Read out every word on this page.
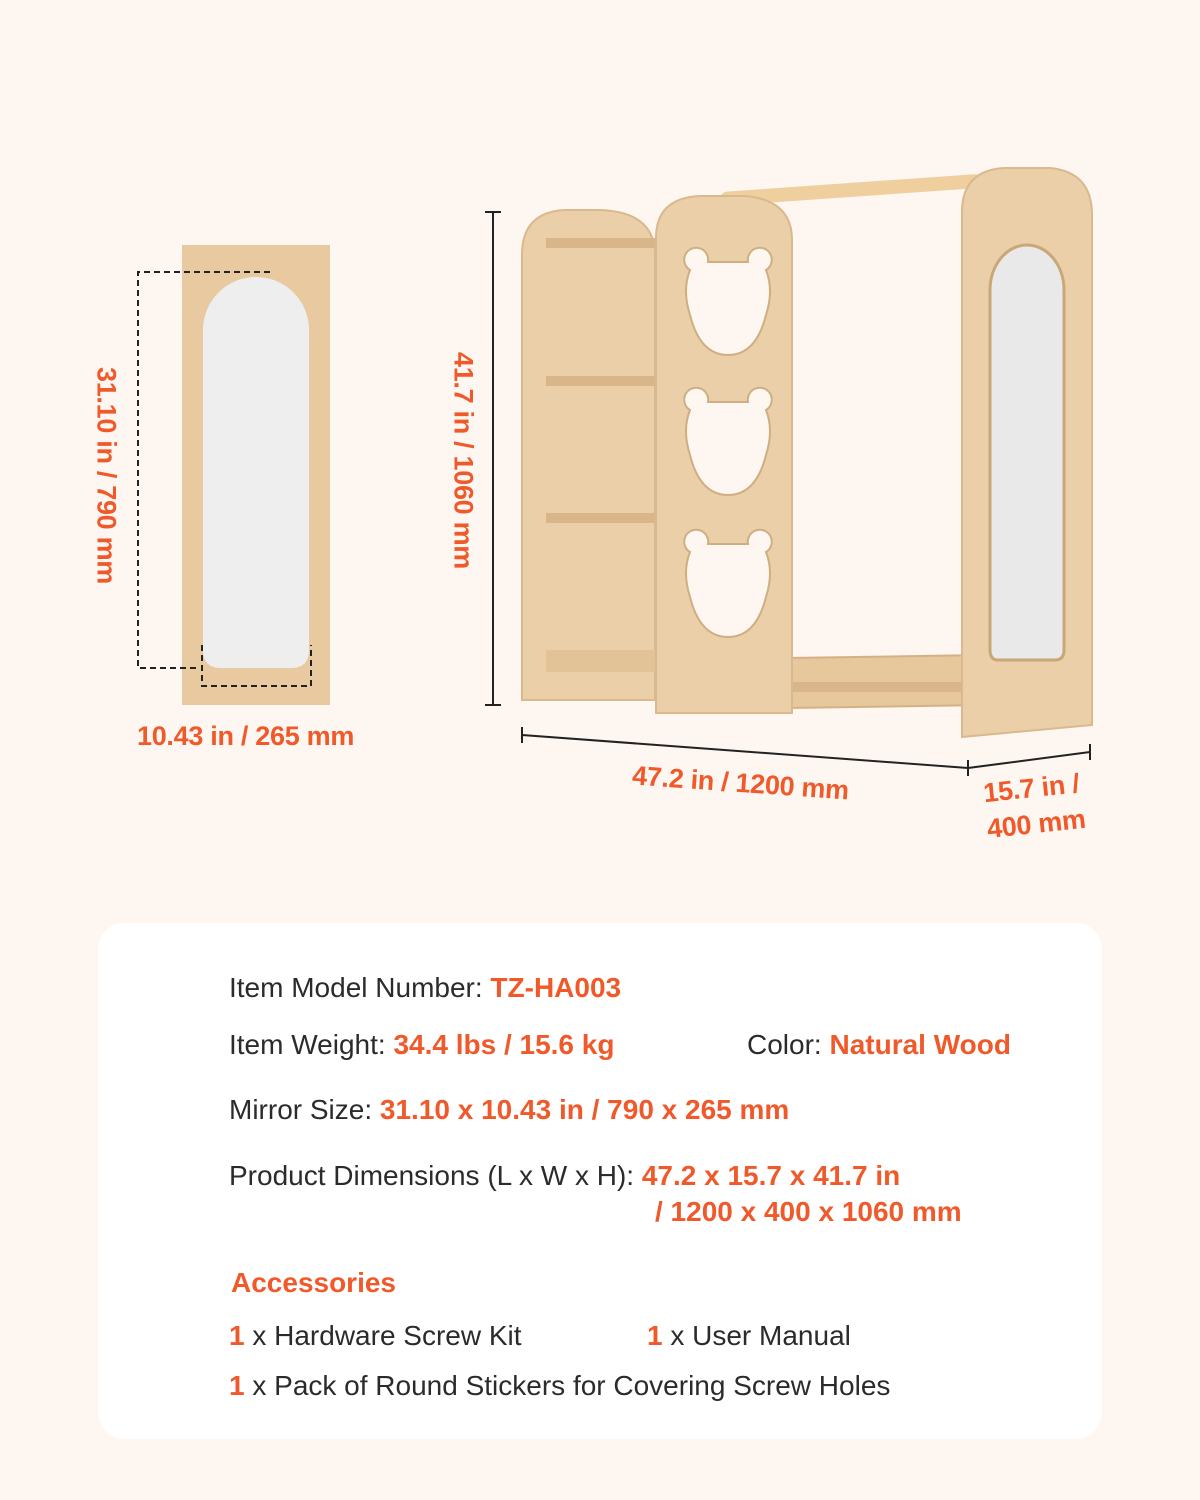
31.10 in / 790 mm
10.43 in / 265 mm
41.7 in / 1060 mm
47.2 in / 1200 mm	15.7 in /
400 mm
Item Model Number: TZ-HA003
Item Weight: 34.4 lbs / 15.6 kg	Color: Natural Wood
Mirror Size: 31.10 x 10.43 in / 790 x 265 mm
Product Dimensions (L x W x H): 47.2 x 15.7 x 41.7 in
/ 1200 x 400 x 1060 mm
Accessories
1 x Hardware Screw Kit	1 x User Manual
1 x Pack of Round Stickers for Covering Screw Holes
